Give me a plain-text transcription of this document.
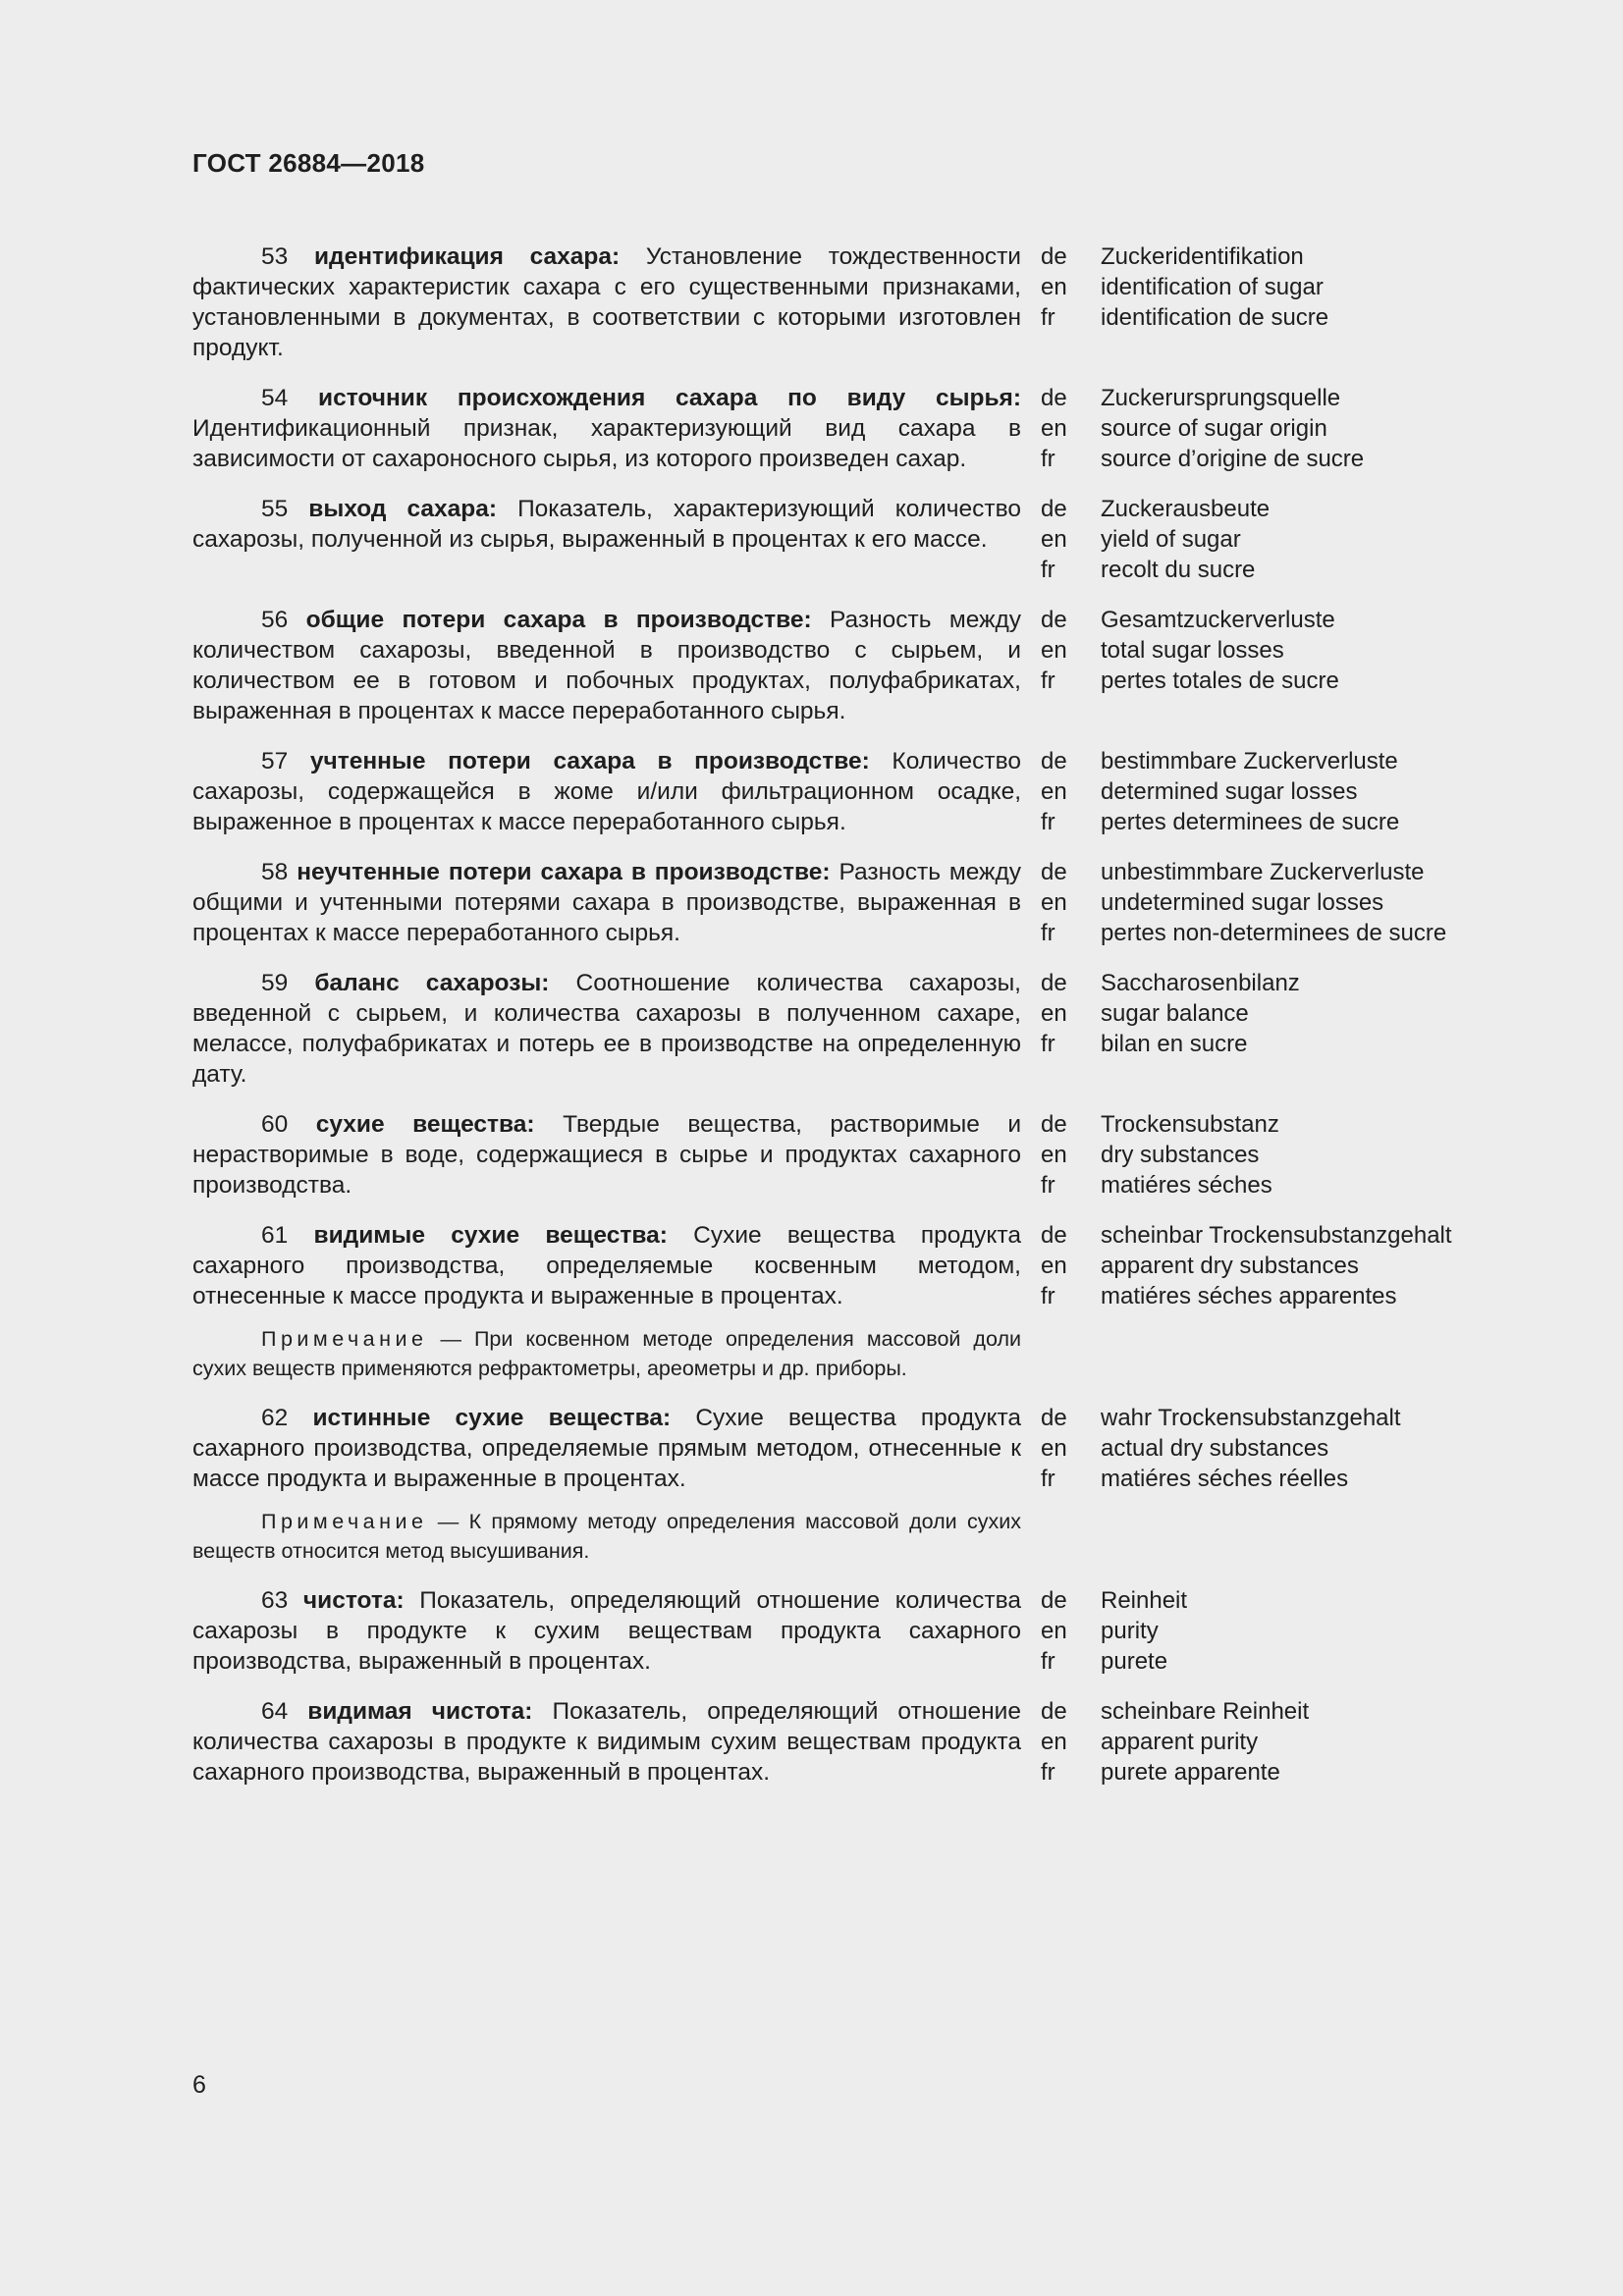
ГОСТ 26884—2018

53 идентификация сахара: Установление тождественности фактических характеристик сахара с его существенными признаками, установленными в документах, в соответствии с которыми изготовлен продукт.

de	Zuckeridentifikation
en	identification of sugar
fr	identification de sucre

54 источник происхождения сахара по виду сырья: Идентификационный признак, характеризующий вид сахара в зависимости от сахароносного сырья, из которого произведен сахар.

de	Zuckerursprungsquelle
en	source of sugar origin
fr	source d’origine de sucre

55 выход сахара: Показатель, характеризующий количество сахарозы, полученной из сырья, выраженный в процентах к его массе.

de	Zuckerausbeute
en	yield of sugar
fr	recolt du sucre

56 общие потери сахара в производстве: Разность между количеством сахарозы, введенной в производство с сырьем, и количеством ее в готовом и побочных продуктах, полуфабрикатах, выраженная в процентах к массе переработанного сырья.

de	Gesamtzuckerverluste
en	total sugar losses
fr	pertes totales de sucre

57 учтенные потери сахара в производстве: Количество сахарозы, содержащейся в жоме и/или фильтрационном осадке, выраженное в процентах к массе переработанного сырья.

de	bestimmbare Zuckerverluste
en	determined sugar losses
fr	pertes determinees de sucre

58 неучтенные потери сахара в производстве: Разность между общими и учтенными потерями сахара в производстве, выраженная в процентах к массе переработанного сырья.

de	unbestimmbare Zuckerverluste
en	undetermined sugar losses
fr	pertes non-determinees de sucre

59 баланс сахарозы: Соотношение количества сахарозы, введенной с сырьем, и количества сахарозы в полученном сахаре, мелассе, полуфабрикатах и потерь ее в производстве на определенную дату.

de	Saccharosenbilanz
en	sugar balance
fr	bilan en sucre

60 сухие вещества: Твердые вещества, растворимые и нерастворимые в воде, содержащиеся в сырье и продуктах сахарного производства.

de	Trockensubstanz
en	dry substances
fr	matiéres séches

61 видимые сухие вещества: Сухие вещества продукта сахарного производства, определяемые косвенным методом, отнесенные к массе продукта и выраженные в процентах.

Примечание — При косвенном методе определения массовой доли сухих веществ применяются рефрактометры, ареометры и др. приборы.
de	scheinbar Trockensubstanzgehalt
en	apparent dry substances
fr	matiéres séches apparentes

62 истинные сухие вещества: Сухие вещества продукта сахарного производства, определяемые прямым методом, отнесенные к массе продукта и выраженные в процентах.

Примечание — К прямому методу определения массовой доли сухих веществ относится метод высушивания.
de	wahr Trockensubstanzgehalt
en	actual dry substances
fr	matiéres séches réelles

63 чистота: Показатель, определяющий отношение количества сахарозы в продукте к сухим веществам продукта сахарного производства, выраженный в процентах.

de	Reinheit
en	purity
fr	purete

64 видимая чистота: Показатель, определяющий отношение количества сахарозы в продукте к видимым сухим веществам продукта сахарного производства, выраженный в процентах.

de	scheinbare Reinheit
en	apparent purity
fr	purete apparente
6
